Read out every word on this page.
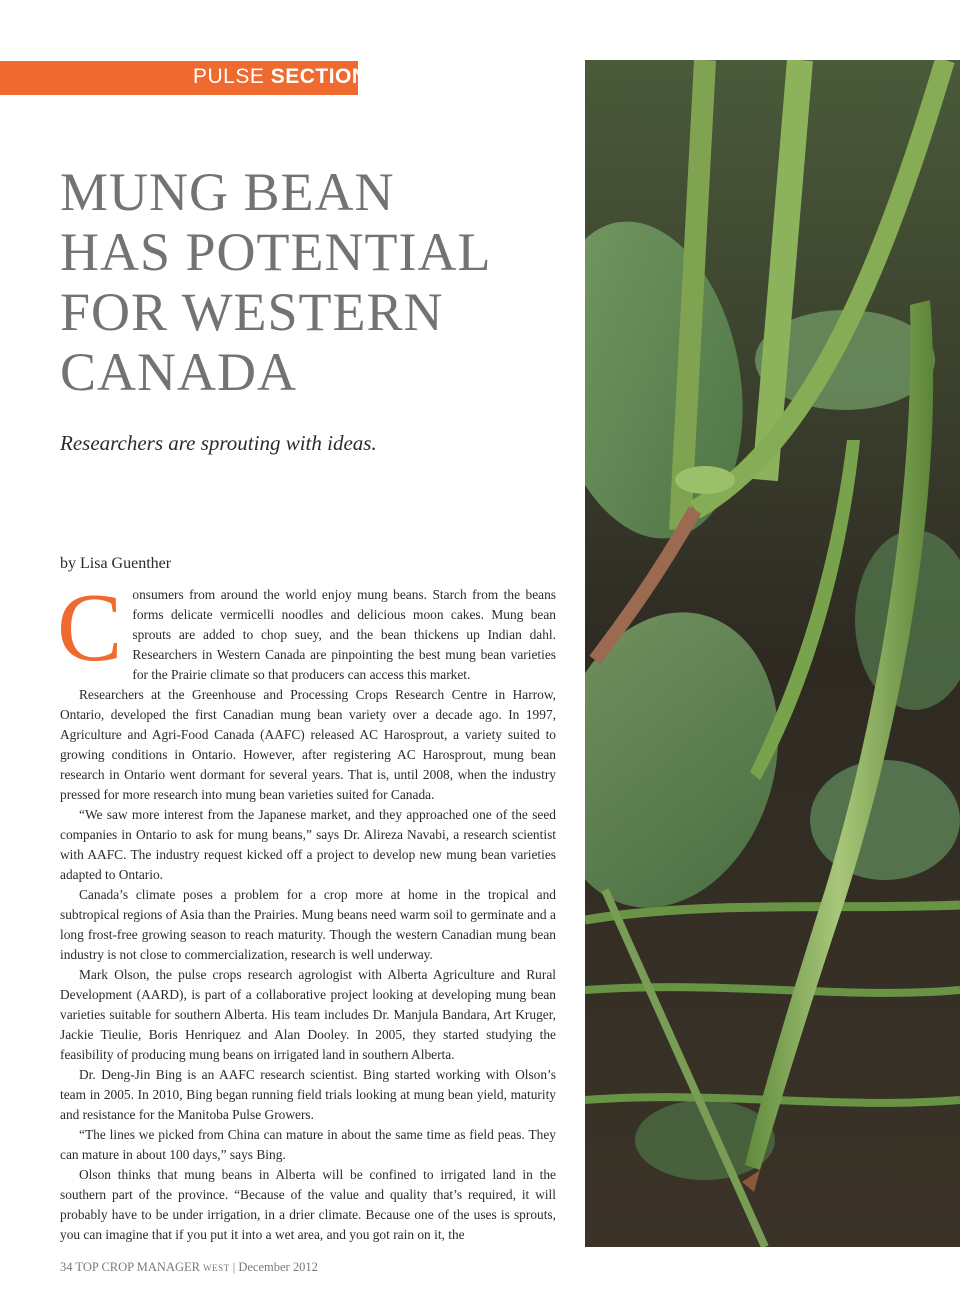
PULSE SECTION
MUNG BEAN
HAS POTENTIAL
FOR WESTERN
CANADA

Researchers are sprouting with ideas.

by Lisa Guenther

Consumers from around the world enjoy mung beans. Starch from the beans forms delicate vermicelli noodles and delicious moon cakes. Mung bean sprouts are added to chop suey, and the bean thickens up Indian dahl. Researchers in Western Canada are pinpointing the best mung bean varieties for the Prairie climate so that producers can access this market.

Researchers at the Greenhouse and Processing Crops Research Centre in Harrow, Ontario, developed the first Canadian mung bean variety over a decade ago. In 1997, Agriculture and Agri-Food Canada (AAFC) released AC Harosprout, a variety suited to growing conditions in Ontario. However, after registering AC Harosprout, mung bean research in Ontario went dormant for several years. That is, until 2008, when the industry pressed for more research into mung bean varieties suited for Canada.

“We saw more interest from the Japanese market, and they approached one of the seed companies in Ontario to ask for mung beans,” says Dr. Alireza Navabi, a research scientist with AAFC. The industry request kicked off a project to develop new mung bean varieties adapted to Ontario.

Canada’s climate poses a problem for a crop more at home in the tropical and subtropical regions of Asia than the Prairies. Mung beans need warm soil to germinate and a long frost-free growing season to reach maturity. Though the western Canadian mung bean industry is not close to commercialization, research is well underway.

Mark Olson, the pulse crops research agrologist with Alberta Agriculture and Rural Development (AARD), is part of a collaborative project looking at developing mung bean varieties suitable for southern Alberta. His team includes Dr. Manjula Bandara, Art Kruger, Jackie Tieulie, Boris Henriquez and Alan Dooley. In 2005, they started studying the feasibility of producing mung beans on irrigated land in southern Alberta.

Dr. Deng-Jin Bing is an AAFC research scientist. Bing started working with Olson’s team in 2005. In 2010, Bing began running field trials looking at mung bean yield, maturity and resistance for the Manitoba Pulse Growers.

“The lines we picked from China can mature in about the same time as field peas. They can mature in about 100 days,” says Bing.

Olson thinks that mung beans in Alberta will be confined to irrigated land in the southern part of the province. “Because of the value and quality that’s required, it will probably have to be under irrigation, in a drier climate. Because one of the uses is sprouts, you can imagine that if you put it into a wet area, and you got rain on it, the

34 TOP CROP MANAGER WEST | December 2012
